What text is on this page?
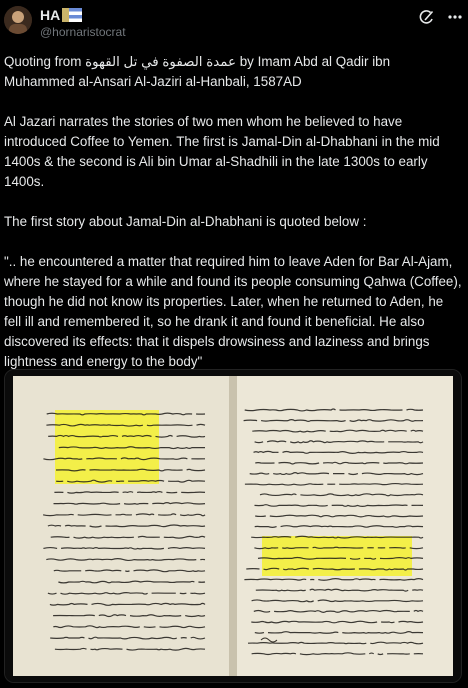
HA
@hornaristocrat

Quoting from عمدة الصفوة في تل القهوة by Imam Abd al Qadir ibn Muhammed al-Ansari Al-Jaziri al-Hanbali, 1587AD

Al Jazari narrates the stories of two men whom he believed to have introduced Coffee to Yemen. The first is Jamal-Din al-Dhabhani in the mid 1400s & the second is Ali bin Umar al-Shadhili in the late 1300s to early 1400s.

The first story about Jamal-Din al-Dhabhani is quoted below :

".. he encountered a matter that required him to leave Aden for Bar Al-Ajam, where he stayed for a while and found its people consuming Qahwa (Coffee), though he did not know its properties. Later, when he returned to Aden, he fell ill and remembered it, so he drank it and found it beneficial. He also discovered its effects: that it dispels drowsiness and laziness and brings lightness and energy to the body"
